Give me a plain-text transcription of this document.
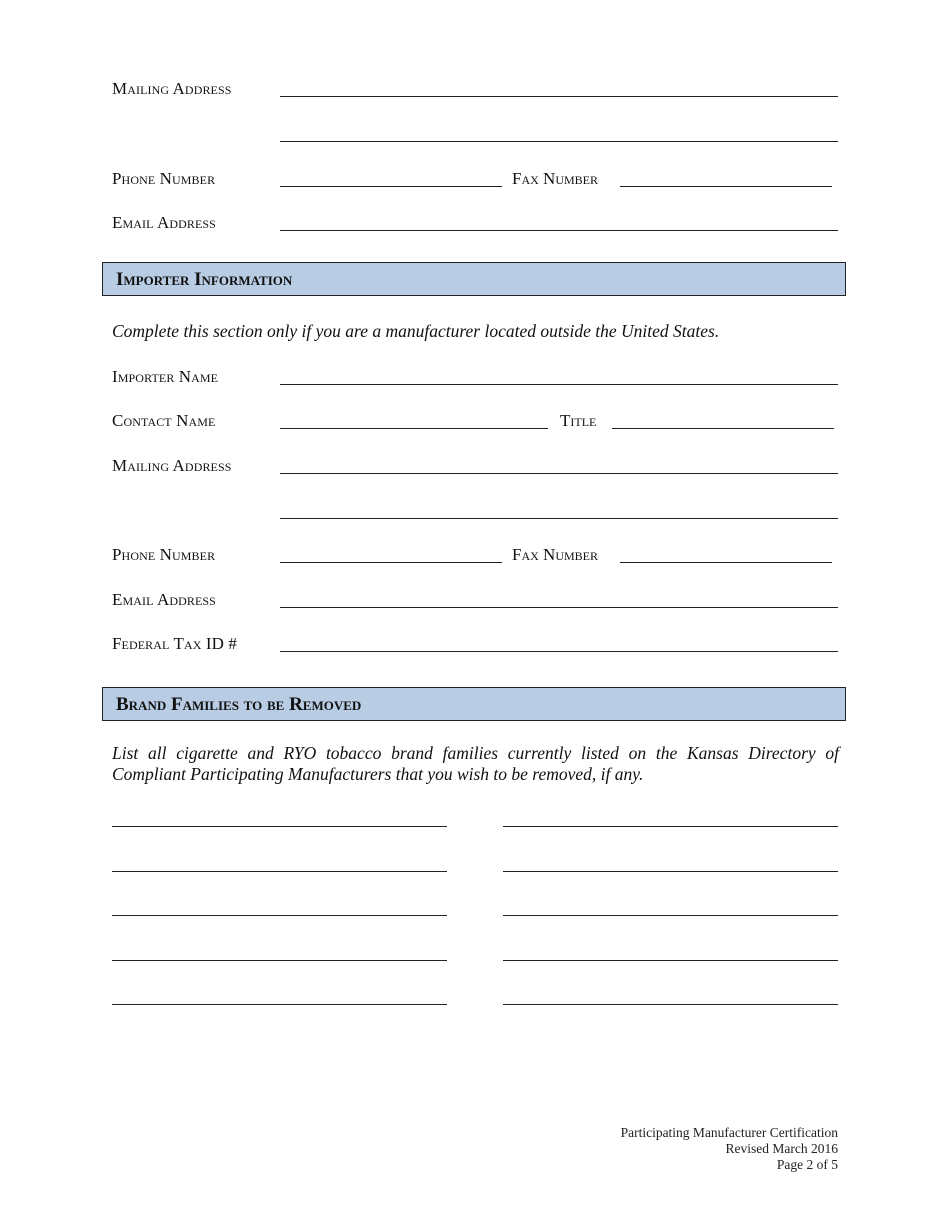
Mailing Address
Phone Number	Fax Number
Email Address
Importer Information
Complete this section only if you are a manufacturer located outside the United States.
Importer Name
Contact Name	Title
Mailing Address
Phone Number	Fax Number
Email Address
Federal Tax ID #
Brand Families to be Removed
List all cigarette and RYO tobacco brand families currently listed on the Kansas Directory of Compliant Participating Manufacturers that you wish to be removed, if any.
Participating Manufacturer Certification
Revised March 2016
Page 2 of 5
